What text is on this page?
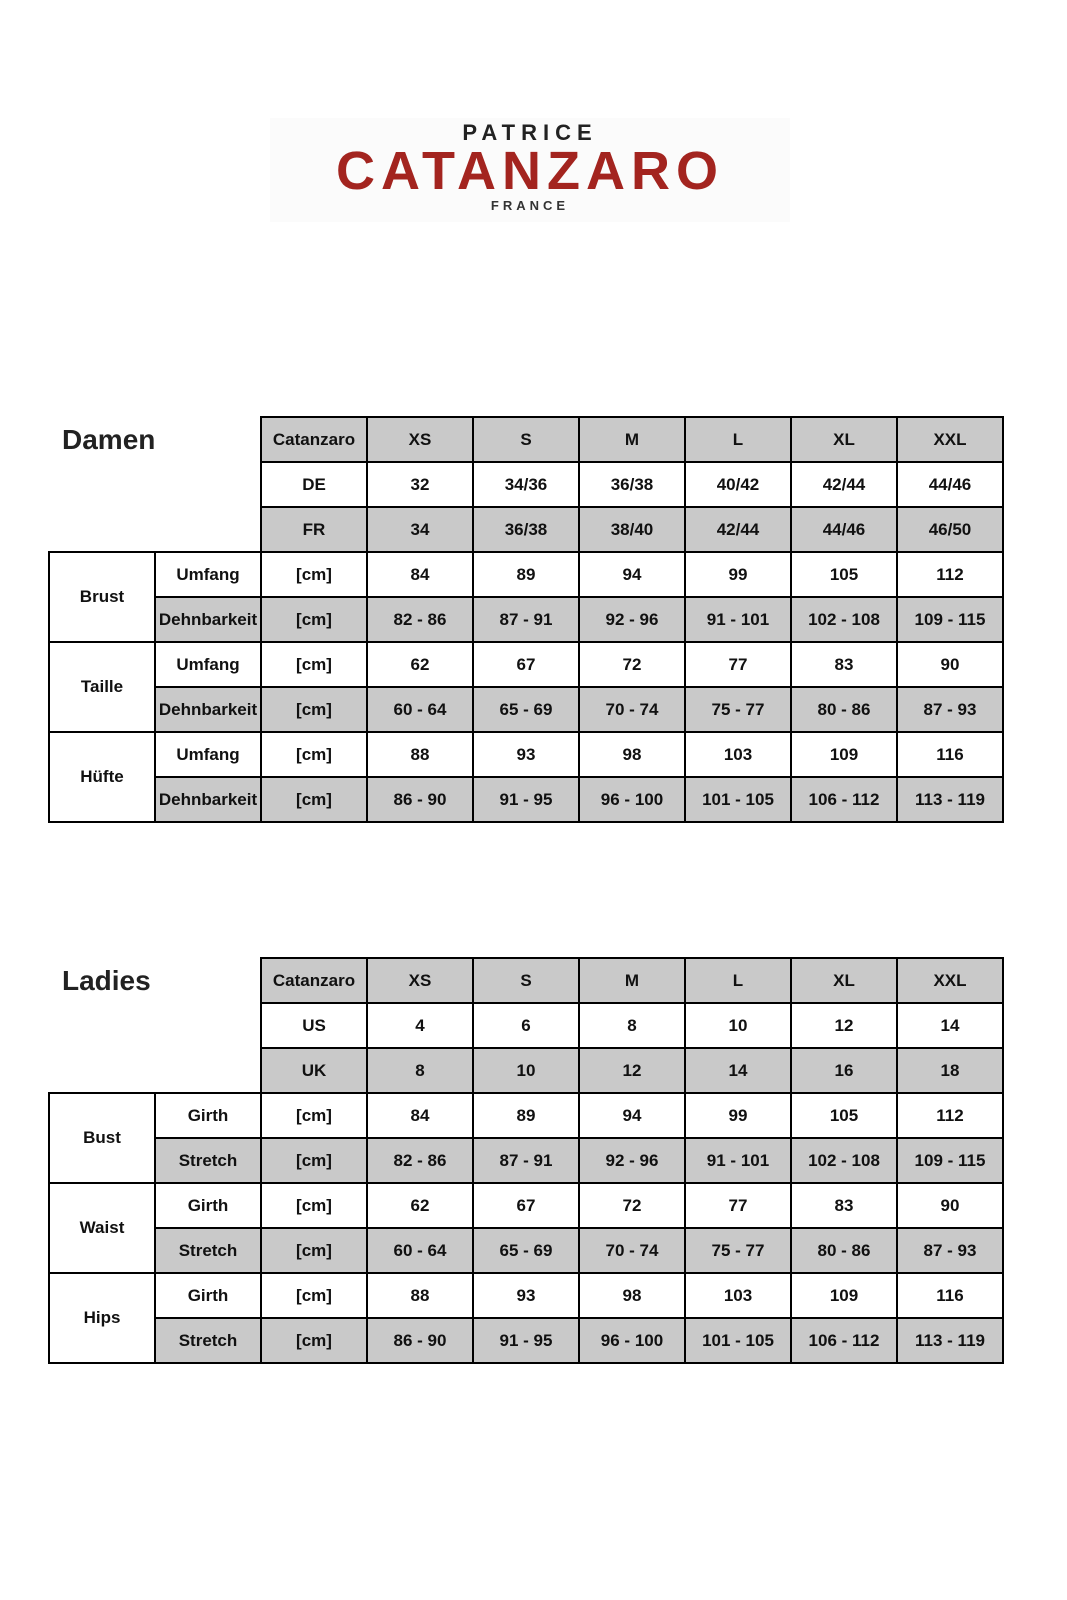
PATRICE
CATANZARO
FRANCE
Damen
		Catanzaro	XS	S	M	L	XL	XXL
		DE	32	34/36	36/38	40/42	42/44	44/46
		FR	34	36/38	38/40	42/44	44/46	46/50
Brust	Umfang	[cm]	84	89	94	99	105	112
	Dehnbarkeit	[cm]	82 - 86	87 - 91	92 - 96	91 - 101	102 - 108	109 - 115
Taille	Umfang	[cm]	62	67	72	77	83	90
	Dehnbarkeit	[cm]	60 - 64	65 - 69	70 - 74	75 - 77	80 - 86	87 - 93
Hüfte	Umfang	[cm]	88	93	98	103	109	116
	Dehnbarkeit	[cm]	86 - 90	91 - 95	96 - 100	101 - 105	106 - 112	113 - 119
Ladies
		Catanzaro	XS	S	M	L	XL	XXL
		US	4	6	8	10	12	14
		UK	8	10	12	14	16	18
Bust	Girth	[cm]	84	89	94	99	105	112
	Stretch	[cm]	82 - 86	87 - 91	92 - 96	91 - 101	102 - 108	109 - 115
Waist	Girth	[cm]	62	67	72	77	83	90
	Stretch	[cm]	60 - 64	65 - 69	70 - 74	75 - 77	80 - 86	87 - 93
Hips	Girth	[cm]	88	93	98	103	109	116
	Stretch	[cm]	86 - 90	91 - 95	96 - 100	101 - 105	106 - 112	113 - 119
